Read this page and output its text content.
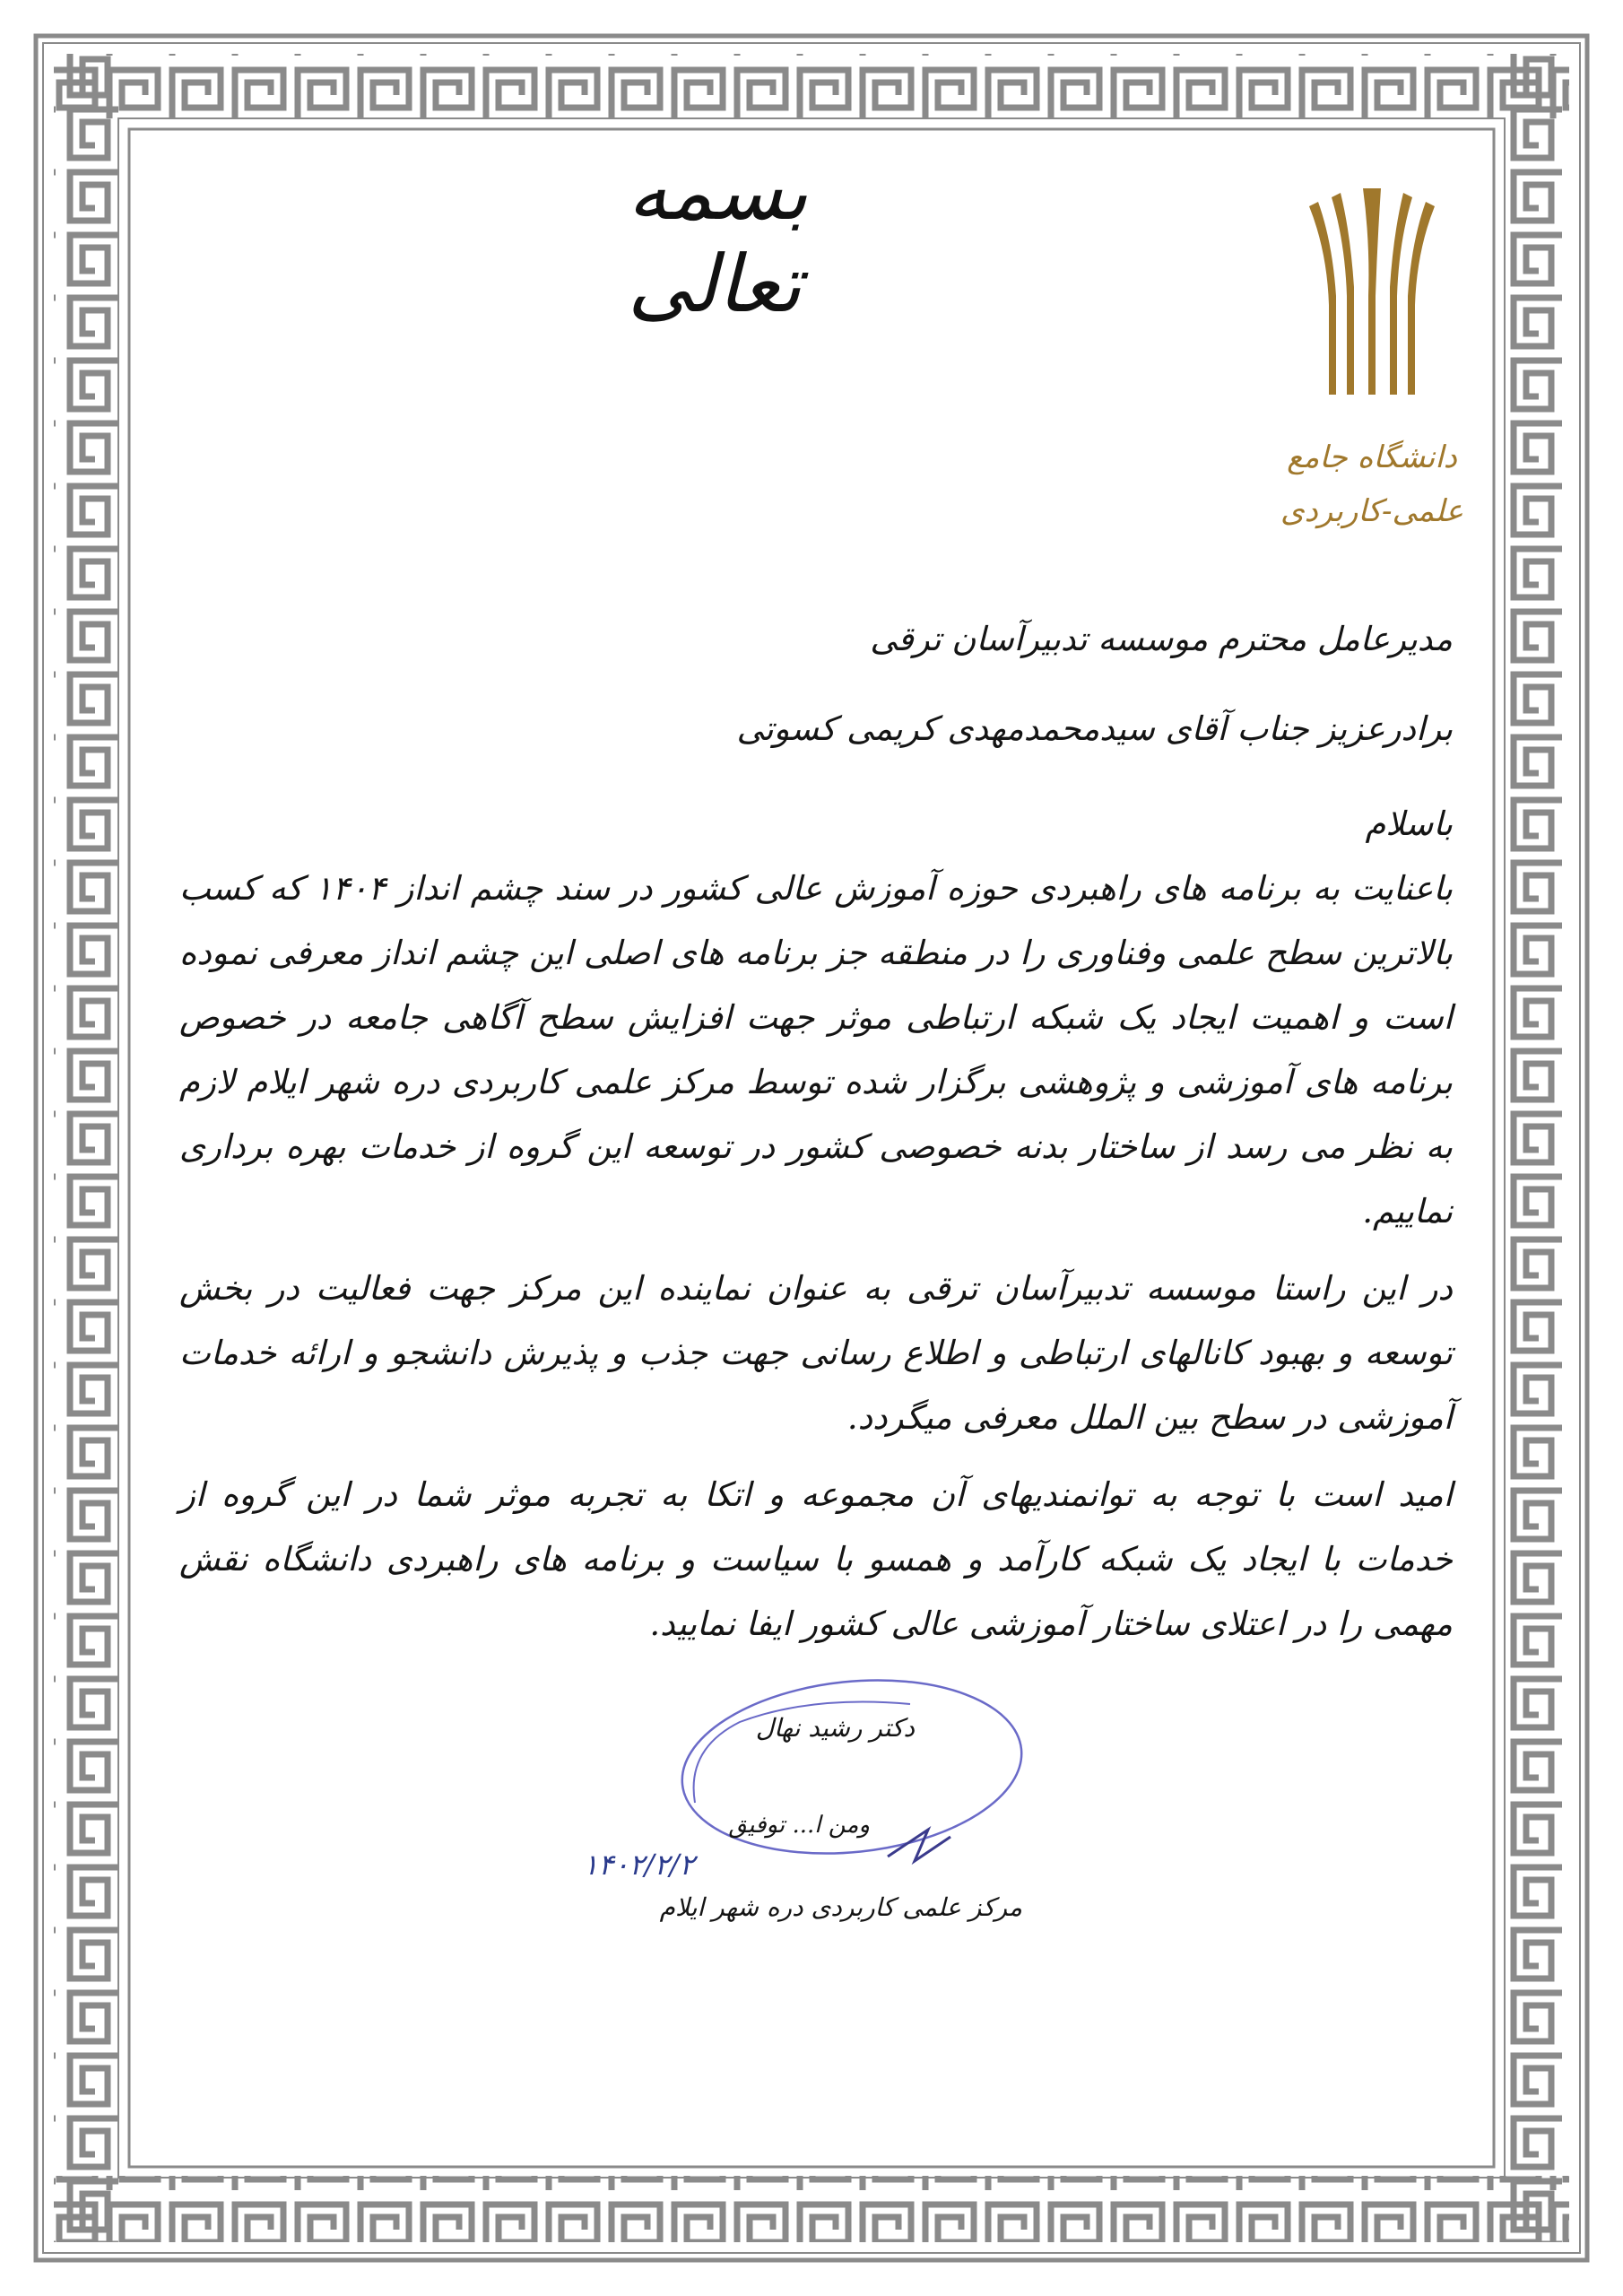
بسمه تعالی
دانشگاه جامع
علمی-کاربردی
مدیرعامل محترم موسسه تدبیرآسان ترقی
برادرعزیز جناب آقای سیدمحمدمهدی کریمی کسوتی
باسلام

باعنایت به برنامه های راهبردی حوزه آموزش عالی کشور در سند چشم انداز ۱۴۰۴ که کسب بالاترین سطح علمی وفناوری را در منطقه جز برنامه های اصلی این چشم انداز معرفی نموده است و اهمیت ایجاد یک شبکه ارتباطی موثر جهت افزایش سطح آگاهی جامعه در خصوص برنامه های آموزشی و پژوهشی برگزار شده توسط مرکز علمی کاربردی دره شهر ایلام لازم به نظر می رسد از ساختار بدنه خصوصی کشور در توسعه این گروه از خدمات بهره برداری نماییم.

در این راستا موسسه تدبیرآسان ترقی به عنوان نماینده این مرکز جهت فعالیت در بخش توسعه و بهبود کانالهای ارتباطی و اطلاع رسانی جهت جذب و پذیرش دانشجو و ارائه خدمات آموزشی در سطح بین الملل معرفی میگردد.

امید است با توجه به توانمندیهای آن مجموعه و اتکا به تجربه موثر شما در این گروه از خدمات با ایجاد یک شبکه کارآمد و همسو با سیاست و برنامه های راهبردی دانشگاه نقش مهمی را در اعتلای ساختار آموزشی عالی کشور ایفا نمایید.

دکتر رشید نهال
ومن ا... توفیق
۱۴۰۲/۲/۲
مرکز علمی کاربردی دره شهر ایلام
